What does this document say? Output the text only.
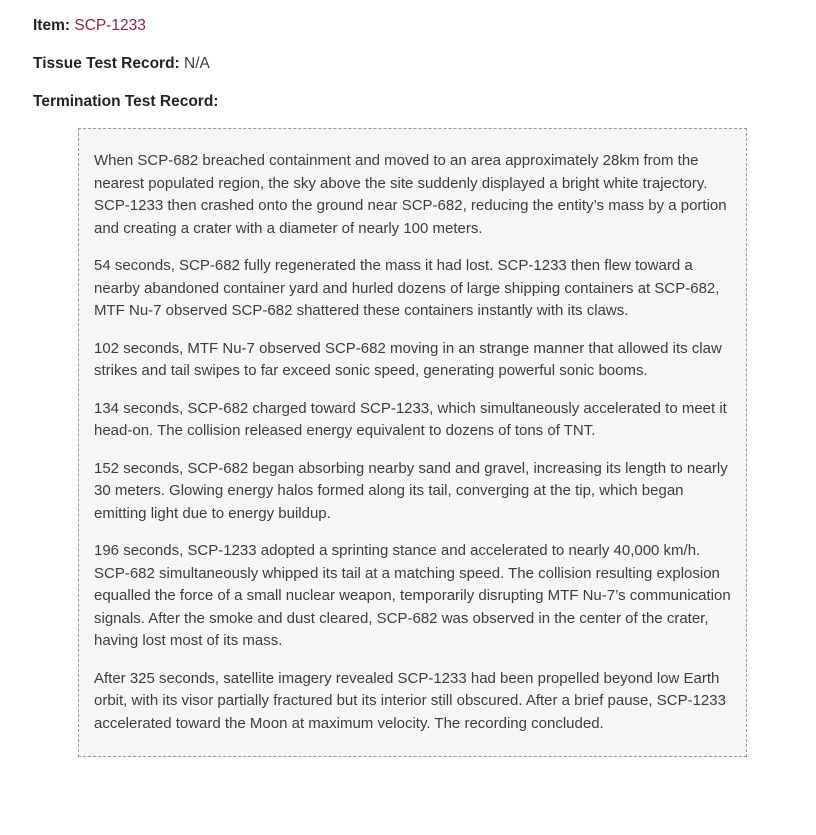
Item: SCP-1233

Tissue Test Record: N/A

Termination Test Record:

When SCP-682 breached containment and moved to an area approximately 28km from the nearest populated region, the sky above the site suddenly displayed a bright white trajectory. SCP-1233 then crashed onto the ground near SCP-682, reducing the entity’s mass by a portion and creating a crater with a diameter of nearly 100 meters.

54 seconds, SCP-682 fully regenerated the mass it had lost. SCP-1233 then flew toward a nearby abandoned container yard and hurled dozens of large shipping containers at SCP-682, MTF Nu-7 observed SCP-682 shattered these containers instantly with its claws.

102 seconds, MTF Nu-7 observed SCP-682 moving in an strange manner that allowed its claw strikes and tail swipes to far exceed sonic speed, generating powerful sonic booms.

134 seconds, SCP-682 charged toward SCP-1233, which simultaneously accelerated to meet it head-on. The collision released energy equivalent to dozens of tons of TNT.

152 seconds, SCP-682 began absorbing nearby sand and gravel, increasing its length to nearly 30 meters. Glowing energy halos formed along its tail, converging at the tip, which began emitting light due to energy buildup.

196 seconds, SCP-1233 adopted a sprinting stance and accelerated to nearly 40,000 km/h. SCP-682 simultaneously whipped its tail at a matching speed. The collision resulting explosion equalled the force of a small nuclear weapon, temporarily disrupting MTF Nu-7’s communication signals. After the smoke and dust cleared, SCP-682 was observed in the center of the crater, having lost most of its mass.

After 325 seconds, satellite imagery revealed SCP-1233 had been propelled beyond low Earth orbit, with its visor partially fractured but its interior still obscured. After a brief pause, SCP-1233 accelerated toward the Moon at maximum velocity. The recording concluded.
